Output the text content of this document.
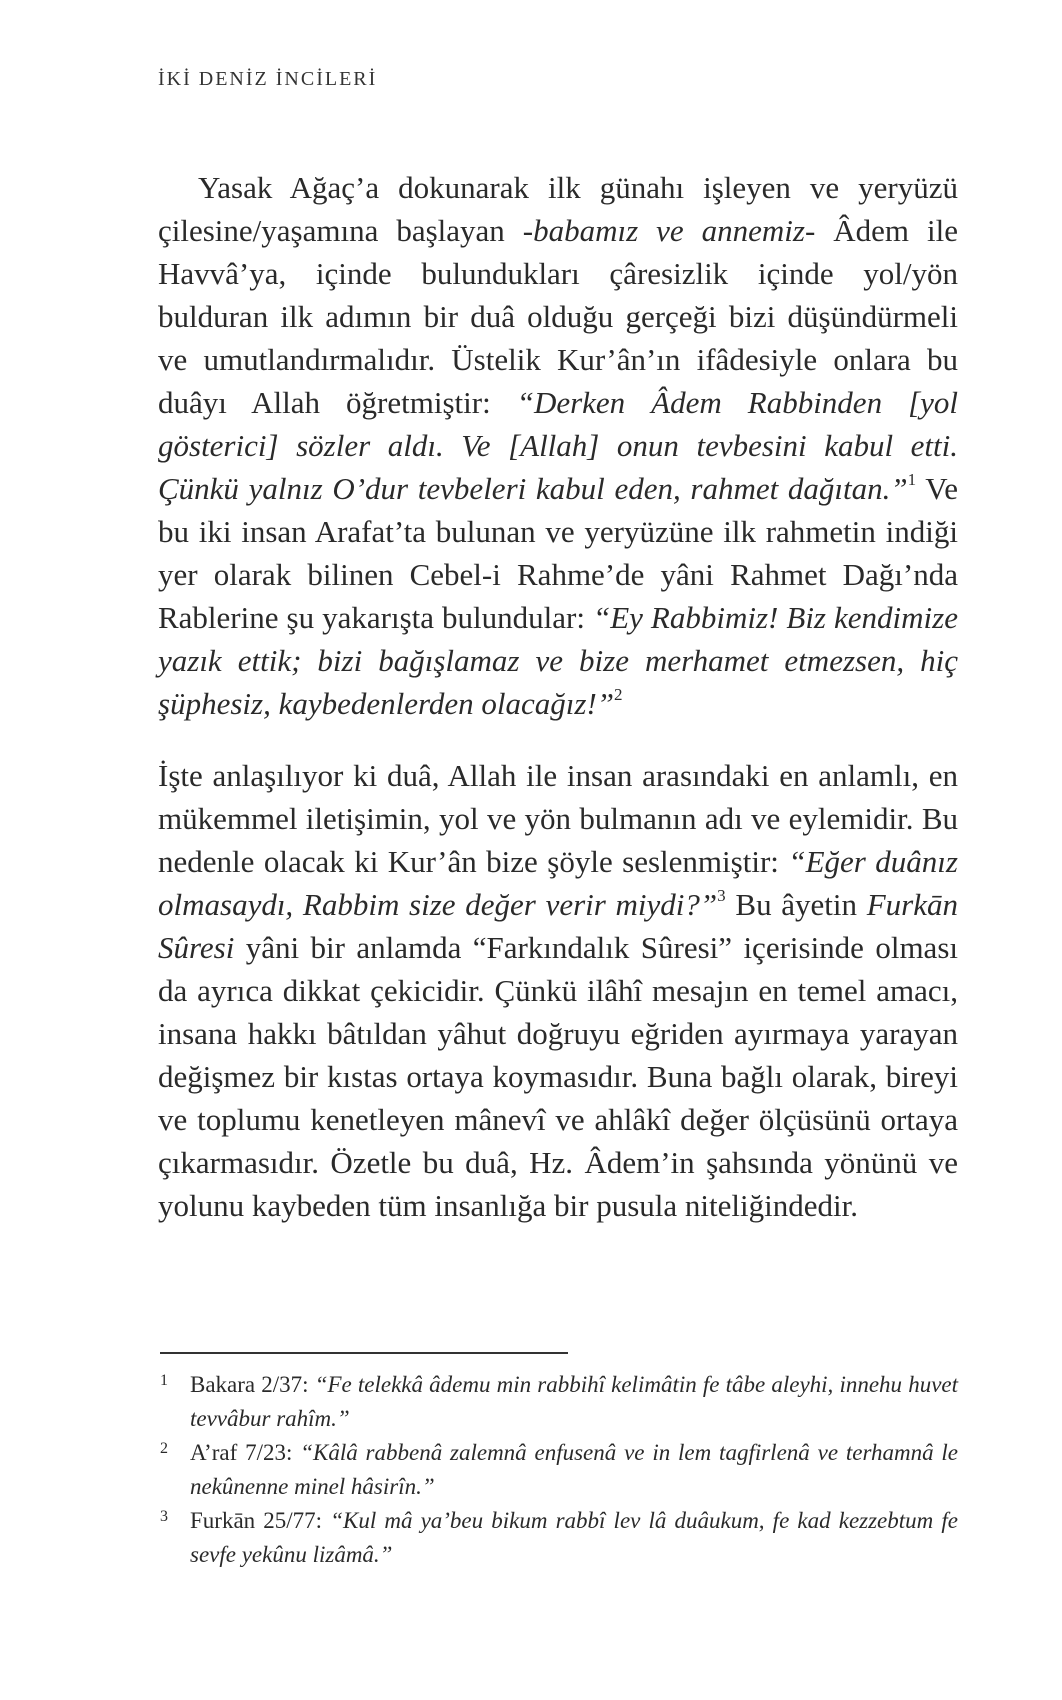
İKİ DENİZ İNCİLERİ

Yasak Ağaç’a dokunarak ilk günahı işleyen ve yeryüzü çilesine/yaşamına başlayan -babamız ve annemiz- Âdem ile Havvâ’ya, içinde bulundukları çâresizlik içinde yol/yön bulduran ilk adımın bir duâ olduğu gerçeği bizi düşündürmeli ve umutlandırmalıdır. Üstelik Kur’ân’ın ifâdesiyle onlara bu duâyı Allah öğretmiştir: “Derken Âdem Rabbinden [yol gösterici] sözler aldı. Ve [Allah] onun tevbesini kabul etti. Çünkü yalnız O’dur tevbeleri kabul eden, rahmet dağıtan.”$^1$ Ve bu iki insan Arafat’ta bulunan ve yeryüzüne ilk rahmetin indiği yer olarak bilinen Cebel-i Rahme’de yâni Rahmet Dağı’nda Rablerine şu yakarışta bulundular: “Ey Rabbimiz! Biz kendimize yazık ettik; bizi bağışlamaz ve bize merhamet etmezsen, hiç şüphesiz, kaybedenlerden olacağız!”$^2$

İşte anlaşılıyor ki duâ, Allah ile insan arasındaki en anlamlı, en mükemmel iletişimin, yol ve yön bulmanın adı ve eylemidir. Bu nedenle olacak ki Kur’ân bize şöyle seslenmiştir: “Eğer duânız olmasaydı, Rabbim size değer verir miydi?”$^3$ Bu âyetin Furkān Sûresi yâni bir anlamda “Farkındalık Sûresi” içerisinde olması da ayrıca dikkat çekicidir. Çünkü ilâhî mesajın en temel amacı, insana hakkı bâtıldan yâhut doğruyu eğriden ayırmaya yarayan değişmez bir kıstas ortaya koymasıdır. Buna bağlı olarak, bireyi ve toplumu kenetleyen mânevî ve ahlâkî değer ölçüsünü ortaya çıkarmasıdır. Özetle bu duâ, Hz. Âdem’in şahsında yönünü ve yolunu kaybeden tüm insanlığa bir pusula niteliğindedir.

1 Bakara 2/37: “Fe telekkâ âdemu min rabbihî kelimâtin fe tâbe aleyhi, innehu huvet tevvâbur rahîm.”
2 A’raf 7/23: “Kâlâ rabbenâ zalemnâ enfusenâ ve in lem tagfirlenâ ve terhamnâ le nekûnenne minel hâsirîn.”
3 Furkān 25/77: “Kul mâ ya’beu bikum rabbî lev lâ duâukum, fe kad kezzebtum fe sevfe yekûnu lizâmâ.”
